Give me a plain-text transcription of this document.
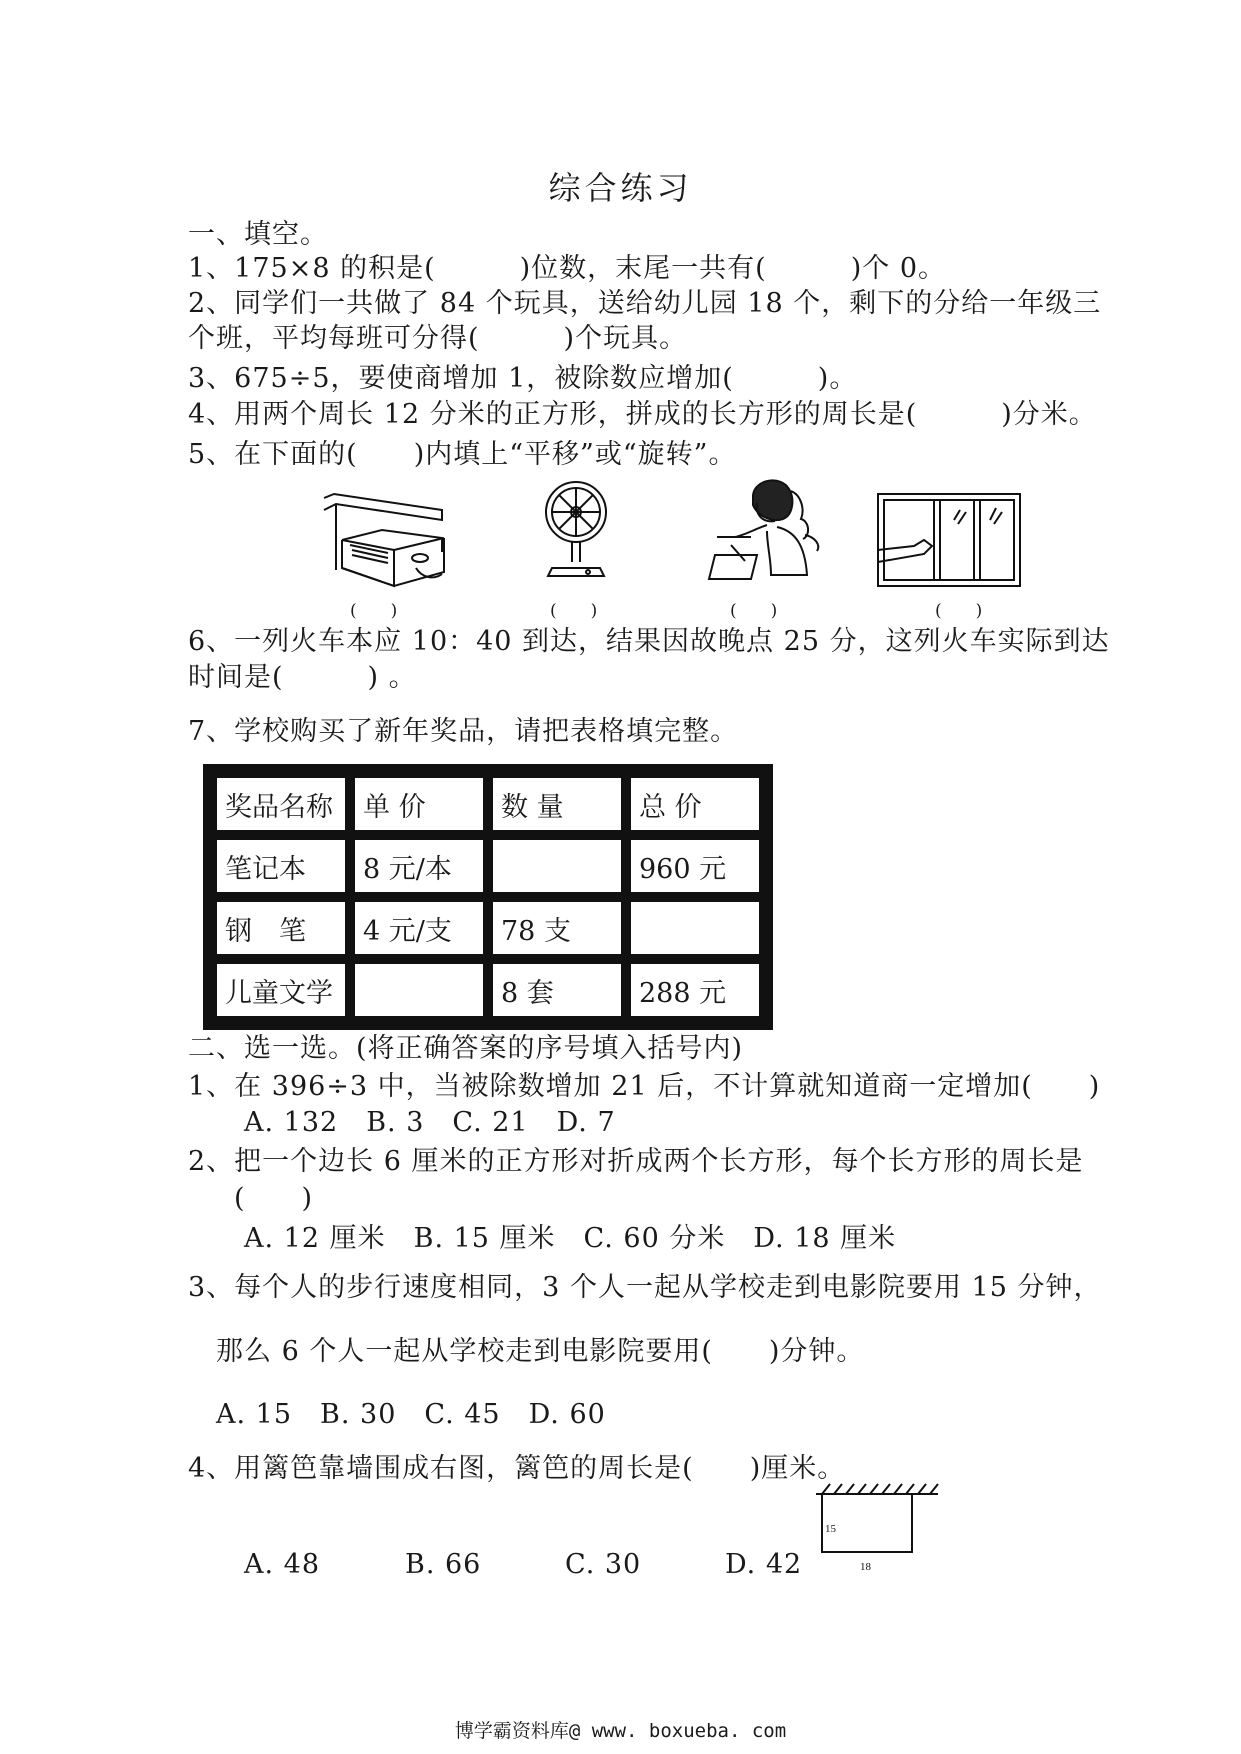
综合练习
一、填空。
1、175×8 的积是(　　　)位数，末尾一共有(　　　)个 0。
2、同学们一共做了 84 个玩具，送给幼儿园 18 个，剩下的分给一年级三
个班，平均每班可分得(　　　)个玩具。
3、675÷5，要使商增加 1，被除数应增加(　　　)。
4、用两个周长 12 分米的正方形，拼成的长方形的周长是(　　　)分米。
5、在下面的(　　)内填上“平移”或“旋转”。
(　　)	(　　)	(　　)	(　　)
6、一列火车本应 10：40 到达，结果因故晚点 25 分，这列火车实际到达
时间是(　　　) 。
7、学校购买了新年奖品，请把表格填完整。
奖品名称	单 价	数 量	总 价
笔记本	8 元/本		960 元
钢　笔	4 元/支	78 支	
儿童文学		8 套	288 元
二、选一选。(将正确答案的序号填入括号内)
1、在 396÷3 中，当被除数增加 21 后，不计算就知道商一定增加(　　)
A. 132　B. 3　C. 21　D. 7
2、把一个边长 6 厘米的正方形对折成两个长方形，每个长方形的周长是
(　　)
A. 12 厘米　B. 15 厘米　C. 60 分米　D. 18 厘米
3、每个人的步行速度相同，3 个人一起从学校走到电影院要用 15 分钟，
那么 6 个人一起从学校走到电影院要用(　　)分钟。
A. 15　B. 30　C. 45　D. 60
4、用篱笆靠墙围成右图，篱笆的周长是(　　)厘米。
A. 48	B. 66	C. 30	D. 42
15
18
博学霸资料库@ www. boxueba. com
